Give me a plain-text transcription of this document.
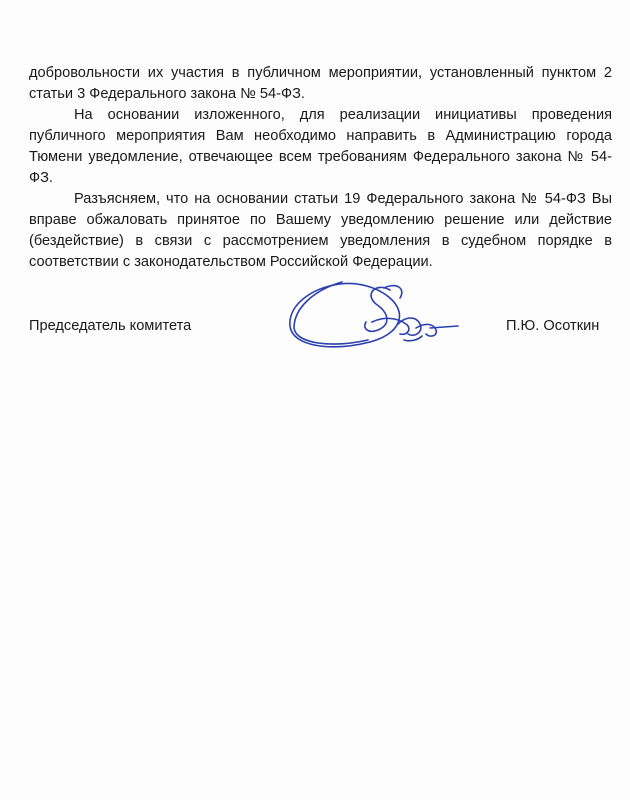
добровольности их участия в публичном мероприятии, установленный пунктом 2 статьи 3 Федерального закона № 54-ФЗ.

На основании изложенного, для реализации инициативы проведения публичного мероприятия Вам необходимо направить в Администрацию города Тюмени уведомление, отвечающее всем требованиям Федерального закона № 54-ФЗ.

Разъясняем, что на основании статьи 19 Федерального закона № 54-ФЗ Вы вправе обжаловать принятое по Вашему уведомлению решение или действие (бездействие) в связи с рассмотрением уведомления в судебном порядке в соответствии с законодательством Российской Федерации.

Председатель комитета	П.Ю. Осоткин
